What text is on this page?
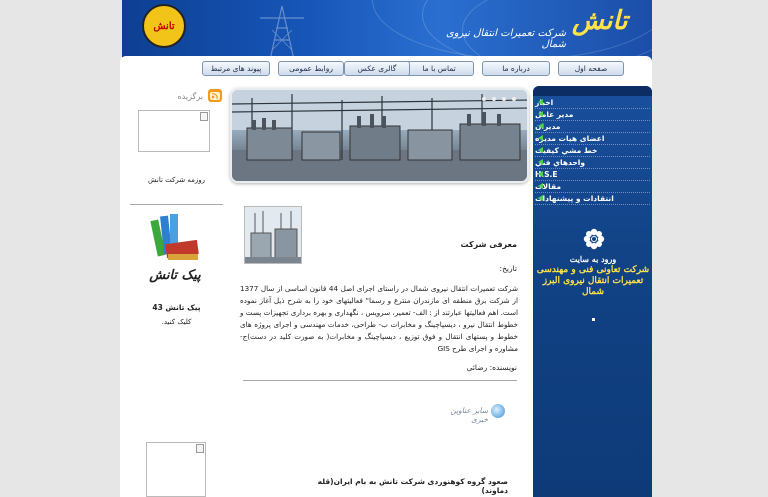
تانش	تانش
شرکت تعمیرات انتقال نیروی شمال
صفحه اول
درباره ما
تماس با ما
گالری عکس
روابط عمومی
پیوند های مرتبط
اخبار
مدیر عامل
مدیران
اعضای هیات مدیره
خط مشي کيفيت
واحدهاي فني
H.S.E
مقالات
انتقادات و پیشنهادات
ورود به سایت
شرکت تعاونی فنی و مهندسی
تعمیرات انتقال نیروی البرز شمال
معرفی شرکت
تاریخ:
شرکت تعمیرات انتقال نیروی شمال در راستای اجرای اصل 44 قانون اساسی از سال 1377 از شرکت برق منطقه ای مازندران منترع و رسما" فعالیتهای خود را به شرح ذیل آغاز نموده است. اهم فعالیتها عبارتند از : الف- تعمیر، سرویس ، نگهداری و بهره برداری تجهیزات پست و خطوط انتقال نیرو ، دیسپاچینگ و مخابرات ب- طراحی، خدمات مهندسی و اجرای پروژه های خطوط و پستهای انتقال و فوق توزیع ، دیسپاچینگ و مخابرات( به صورت کلید در دست)ج- مشاوره و اجرای طرح GIS
نویسنده: رضائی
سایر عناوین خبری
صعود گروه کوهنوردی شرکت تانش به بام ایران(قله دماوند)
برگزیده
روزمه شرکت تانش
پیک تانش
پیک تانش 43
کلیک کنید.
